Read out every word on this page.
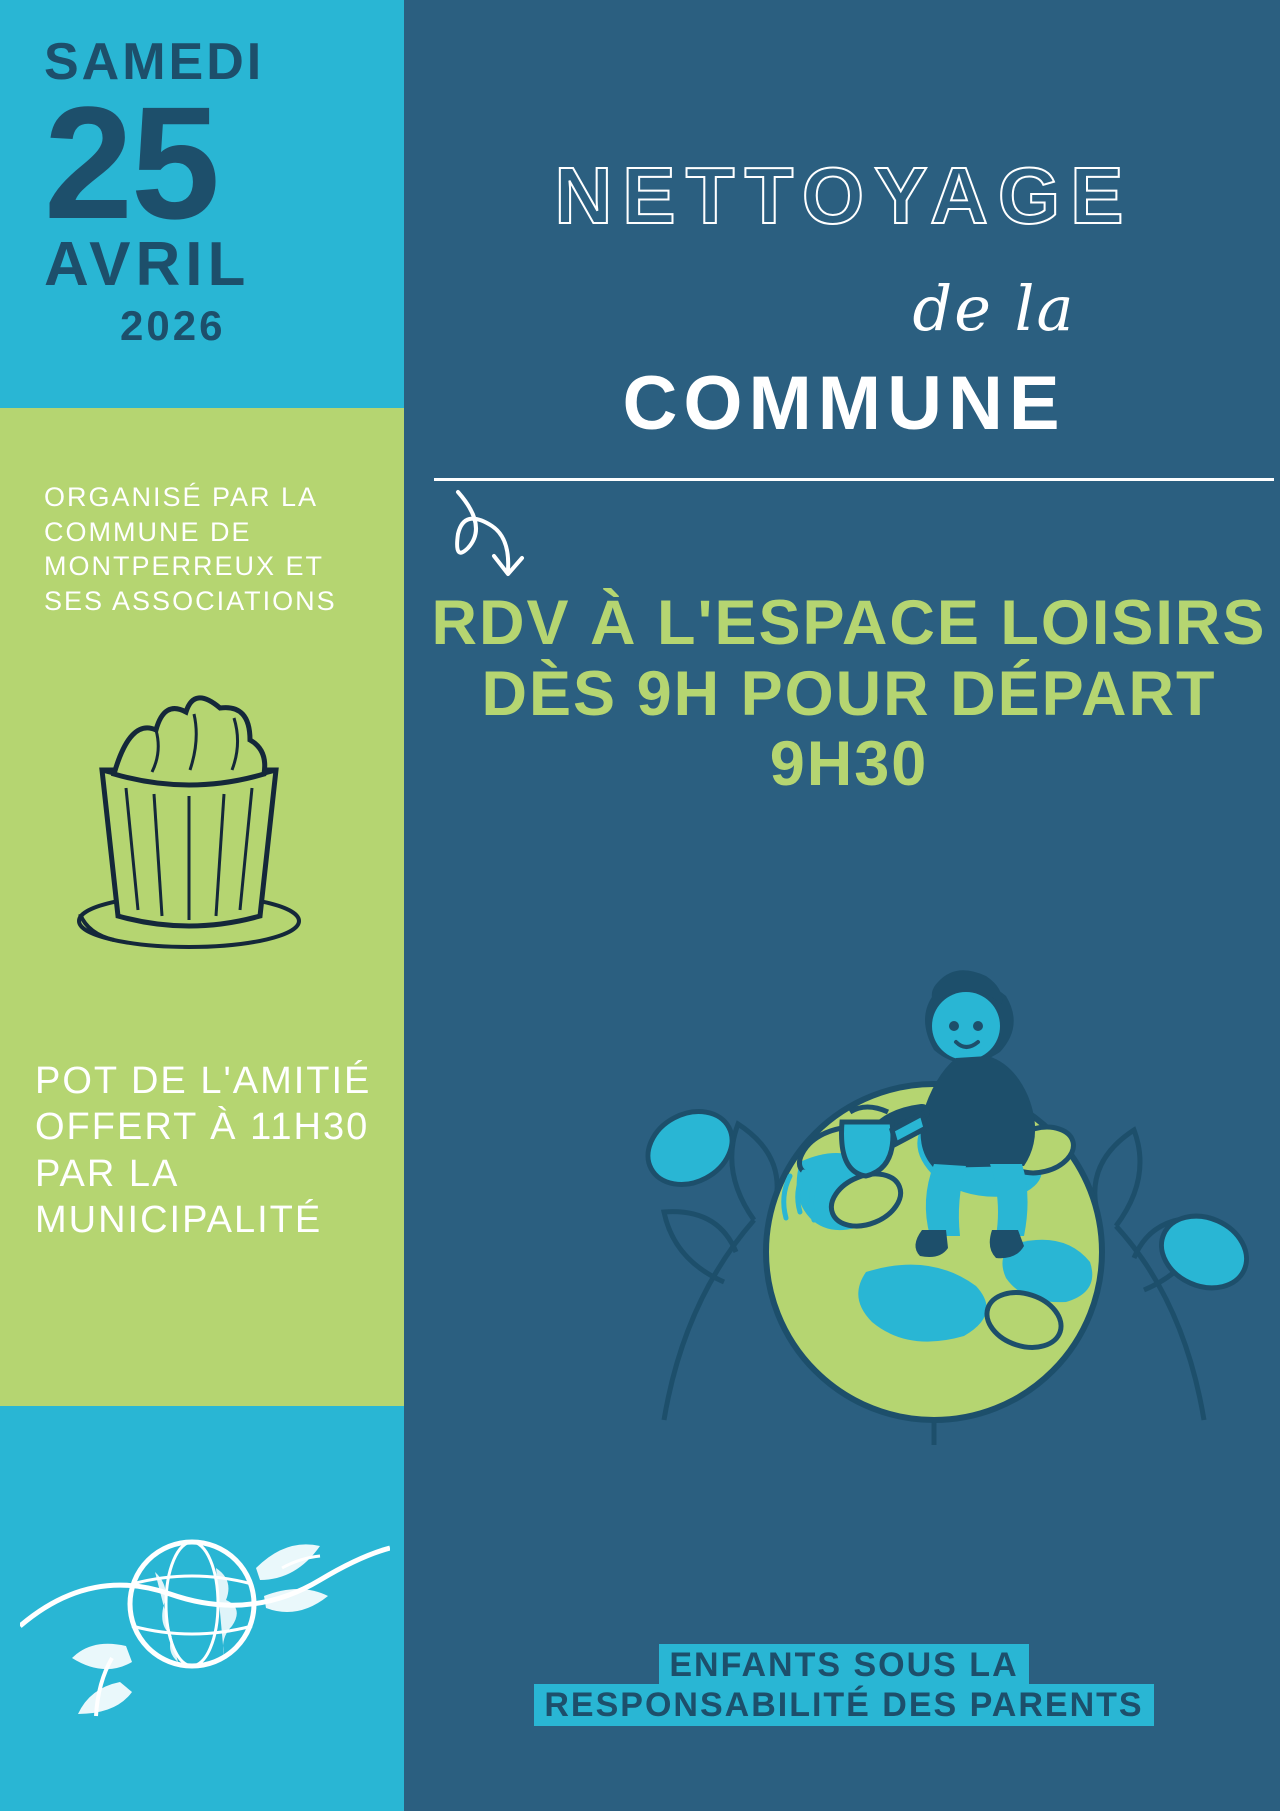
SAMEDI
25
AVRIL
2026
ORGANISÉ PAR LA COMMUNE DE MONTPERREUX ET SES ASSOCIATIONS
POT DE L'AMITIÉ OFFERT À 11H30 PAR LA MUNICIPALITÉ
NETTOYAGE
de la
COMMUNE
RDV À L'ESPACE LOISIRS DÈS 9H POUR DÉPART 9H30
ENFANTS SOUS LA RESPONSABILITÉ DES PARENTS
